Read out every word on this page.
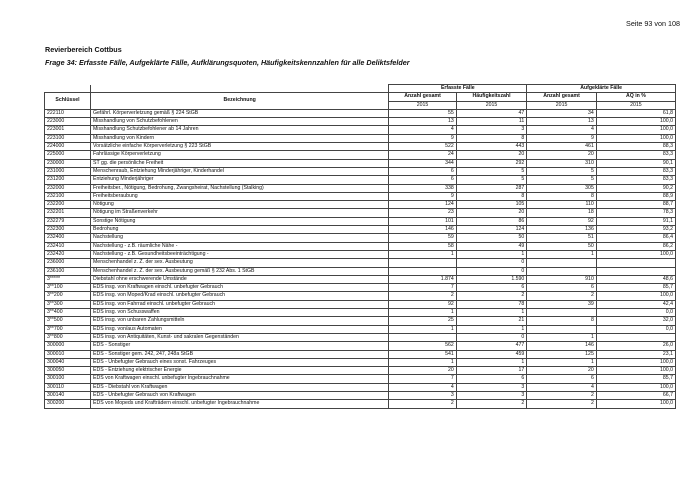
Seite 93 von 108
Revierbereich Cottbus
Frage 34: Erfasste Fälle, Aufgeklärte Fälle, Aufklärungsquoten, Häufigkeitskennzahlen für alle Deliktsfelder
		Erfasste Fälle		Aufgeklärte Fälle	
Schlüssel	Bezeichnung	Anzahl gesamt	Häufigkeitszahl	Anzahl gesamt	AQ in %
		2015	2015	2015	2015
222110	Gefährl. Körperverletzung gemäß § 224 StGB	55	47	34	61,8
223000	Misshandlung von Schutzbefohlenen	13	11	13	100,0
223001	Misshandlung Schutzbefohlener ab 14 Jahren	4	3	4	100,0
223100	Misshandlung von Kindern	9	8	9	100,0
224000	Vorsätzliche einfache Körperverletzung § 223 StGB	522	443	461	88,3
225000	Fahrlässige Körperverletzung	24	20	20	83,3
230000	ST gg. die persönliche Freiheit	344	292	310	90,1
231000	Menschenraub, Entziehung Minderjähriger, Kinderhandel	6	5	5	83,3
231200	Entziehung Minderjähriger	6	5	5	83,3
232000	Freiheitsber., Nötigung, Bedrohung, Zwangsheirat, Nachstellung (Stalking)	338	287	305	90,2
232100	Freiheitsberaubung	9	8	8	88,9
232200	Nötigung	124	105	110	88,7
232201	Nötigung im Straßenverkehr	23	20	18	78,3
232279	Sonstige Nötigung	101	86	92	91,1
232300	Bedrohung	146	124	136	93,2
232400	Nachstellung	59	50	51	86,4
232410	Nachstellung - z.B. räumliche Nähe -	58	49	50	86,2
232420	Nachstellung - z.B. Gesundheitsbeeinträchtigung -	1	1	1	100,0
236000	Menschenhandel z. Z. der sex. Ausbeutung		0		
236100	Menschenhandel z. Z. der sex. Ausbeutung gemäß § 232 Abs. 1 StGB		0		
3*****	Diebstahl ohne erschwerende Umstände	1.874	1.590	910	48,6
3**100	EDS insg. von Kraftwagen einschl. unbefugter Gebrauch	7	6	6	85,7
3**200	EDS insg. von Moped/Krad einschl. unbefugter Gebrauch	2	2	2	100,0
3**300	EDS insg. von Fahrrad einschl. unbefugter Gebrauch	92	78	39	42,4
3**400	EDS insg. von Schusswaffen	1	1		0,0
3**500	EDS insg. von unbaren Zahlungsmitteln	25	21	8	32,0
3**700	EDS insg. von/aus Automaten	1	1		0,0
3**800	EDS insg. von Antiquitäten, Kunst- und sakralen Gegenständen		0	1	
300000	EDS - Sonstiger	562	477	146	26,0
300010	EDS - Sonstiger gem. 242, 247, 248a StGB	541	459	125	23,1
300040	EDS - Unbefugter Gebrauch eines sonst. Fahrzeuges	1	1	1	100,0
300050	EDS - Entziehung elektrischer Energie	20	17	20	100,0
300100	EDS von Kraftwagen einschl. unbefugter Ingebrauchnahme	7	6	6	85,7
300110	EDS - Diebstahl von Kraftwagen	4	3	4	100,0
300140	EDS - Unbefugter Gebrauch von Kraftwagen	3	3	2	66,7
300200	EDS von Mopeds und Krafträdern einschl. unbefugter Ingebrauchnahme	2	2	2	100,0
